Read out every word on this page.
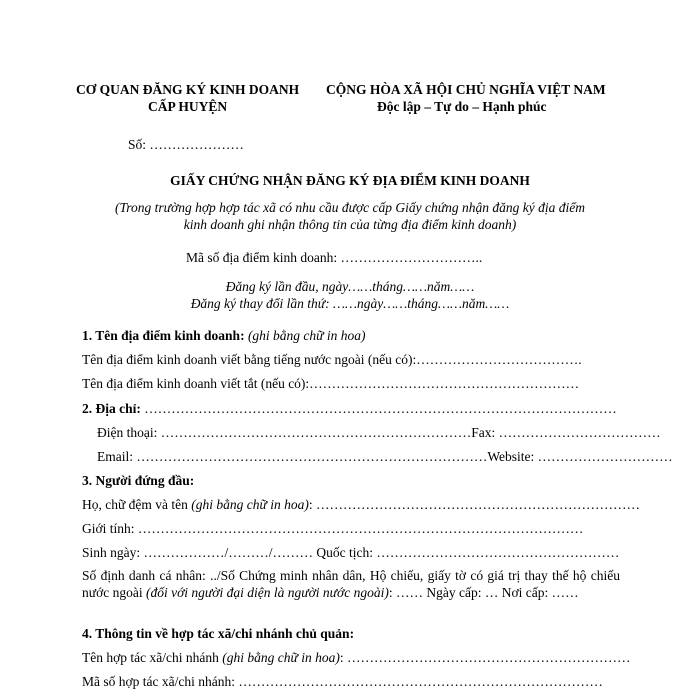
CƠ QUAN ĐĂNG KÝ KINH DOANH
CẤP HUYỆN
CỘNG HÒA XÃ HỘI CHỦ NGHĨA VIỆT NAM
Độc lập – Tự do – Hạnh phúc
Số: …………………
GIẤY CHỨNG NHẬN ĐĂNG KÝ ĐỊA ĐIỂM KINH DOANH
(Trong trường hợp hợp tác xã có nhu cầu được cấp Giấy chứng nhận đăng ký địa điểm
kinh doanh ghi nhận thông tin của từng địa điểm kinh doanh)
Mã số địa điểm kinh doanh: …………………………..
Đăng ký lần đầu, ngày……tháng……năm……
Đăng ký thay đổi lần thứ: ……ngày……tháng……năm……
1. Tên địa điểm kinh doanh: (ghi bằng chữ in hoa)
Tên địa điểm kinh doanh viết bằng tiếng nước ngoài (nếu có):……………………………….
Tên địa điểm kinh doanh viết tắt (nếu có):……………………………………………………
2. Địa chỉ: ……………………………………………………………………………………………
Điện thoại: ……………………………………………………………Fax: ………………………………
Email: ……………………………………………………………………Website: …………………………
3. Người đứng đầu:
Họ, chữ đệm và tên (ghi bằng chữ in hoa): ………………………………………………………………
Giới tính: ………………………………………………………………………………………
Sinh ngày: ………………/………/……… Quốc tịch: ………………………………………………
Số định danh cá nhân: ../Số Chứng minh nhân dân, Hộ chiếu, giấy tờ có giá trị thay thế hộ chiếu nước ngoài (đối với người đại diện là người nước ngoài): …… Ngày cấp: … Nơi cấp: ……
4. Thông tin về hợp tác xã/chi nhánh chủ quản:
Tên hợp tác xã/chi nhánh (ghi bằng chữ in hoa): ………………………………………………………
Mã số hợp tác xã/chi nhánh: ………………………………………………………………………
